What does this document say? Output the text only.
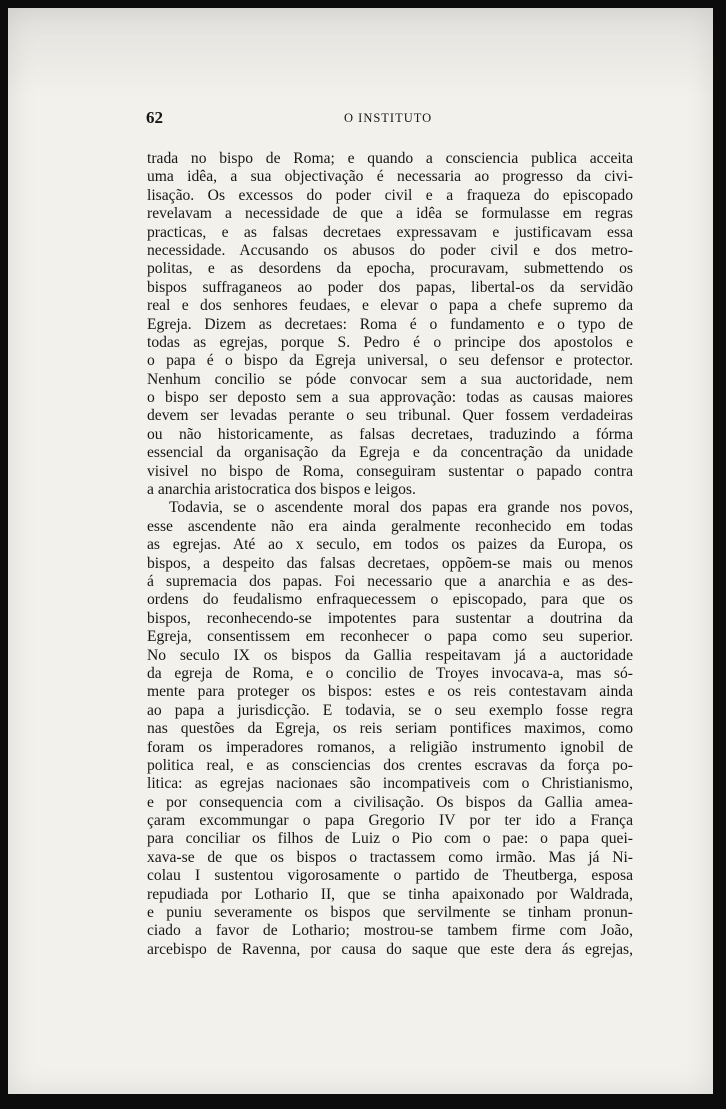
62	O INSTITUTO
trada no bispo de Roma; e quando a consciencia publica acceita
uma idêa, a sua objectivação é necessaria ao progresso da civi-
lisação. Os excessos do poder civil e a fraqueza do episcopado
revelavam a necessidade de que a idêa se formulasse em regras
practicas, e as falsas decretaes expressavam e justificavam essa
necessidade. Accusando os abusos do poder civil e dos metro-
politas, e as desordens da epocha, procuravam, submettendo os
bispos suffraganeos ao poder dos papas, libertal-os da servidão
real e dos senhores feudaes, e elevar o papa a chefe supremo da
Egreja. Dizem as decretaes: Roma é o fundamento e o typo de
todas as egrejas, porque S. Pedro é o principe dos apostolos e
o papa é o bispo da Egreja universal, o seu defensor e protector.
Nenhum concilio se póde convocar sem a sua auctoridade, nem
o bispo ser deposto sem a sua approvação: todas as causas maiores
devem ser levadas perante o seu tribunal. Quer fossem verdadeiras
ou não historicamente, as falsas decretaes, traduzindo a fórma
essencial da organisação da Egreja e da concentração da unidade
visivel no bispo de Roma, conseguiram sustentar o papado contra
a anarchia aristocratica dos bispos e leigos.
Todavia, se o ascendente moral dos papas era grande nos povos,
esse ascendente não era ainda geralmente reconhecido em todas
as egrejas. Até ao x seculo, em todos os paizes da Europa, os
bispos, a despeito das falsas decretaes, oppõem-se mais ou menos
á supremacia dos papas. Foi necessario que a anarchia e as des-
ordens do feudalismo enfraquecessem o episcopado, para que os
bispos, reconhecendo-se impotentes para sustentar a doutrina da
Egreja, consentissem em reconhecer o papa como seu superior.
No seculo IX os bispos da Gallia respeitavam já a auctoridade
da egreja de Roma, e o concilio de Troyes invocava-a, mas só-
mente para proteger os bispos: estes e os reis contestavam ainda
ao papa a jurisdicção. E todavia, se o seu exemplo fosse regra
nas questões da Egreja, os reis seriam pontifices maximos, como
foram os imperadores romanos, a religião instrumento ignobil de
politica real, e as consciencias dos crentes escravas da força po-
litica: as egrejas nacionaes são incompativeis com o Christianismo,
e por consequencia com a civilisação. Os bispos da Gallia amea-
çaram excommungar o papa Gregorio IV por ter ido a França
para conciliar os filhos de Luiz o Pio com o pae: o papa quei-
xava-se de que os bispos o tractassem como irmão. Mas já Ni-
colau I sustentou vigorosamente o partido de Theutberga, esposa
repudiada por Lothario II, que se tinha apaixonado por Waldrada,
e puniu severamente os bispos que servilmente se tinham pronun-
ciado a favor de Lothario; mostrou-se tambem firme com João,
arcebispo de Ravenna, por causa do saque que este dera ás egrejas,
